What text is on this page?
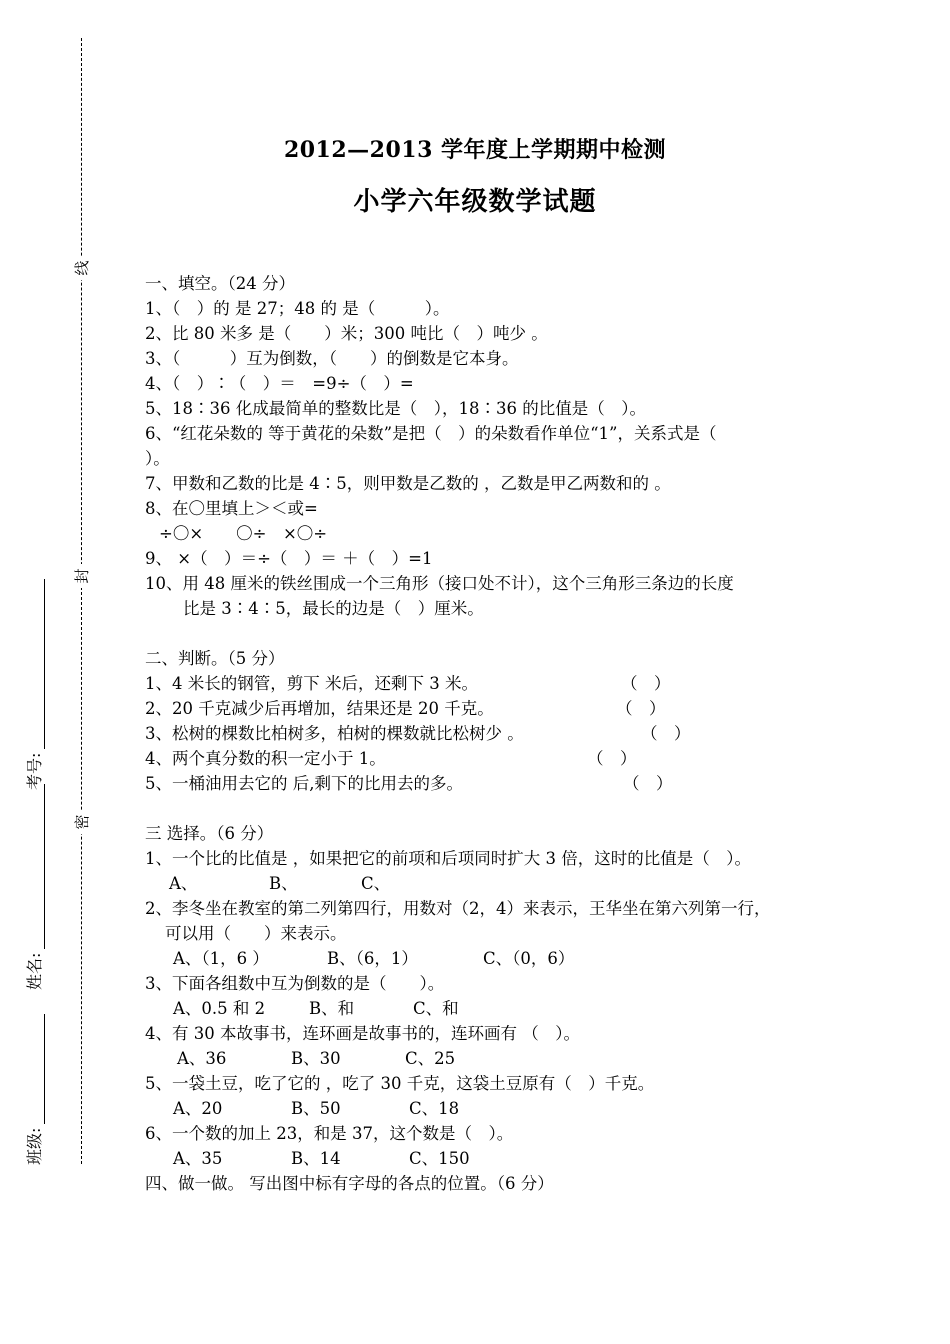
线
封
密
考号:
姓名:
班级:
2012—2013 学年度上学期期中检测
小学六年级数学试题
一、填空。（24 分）
1、（　）的 是 27；48 的 是（　　　）。
2、比 80 米多 是（　　）米；300 吨比（　）吨少 。
3、（　　　）互为倒数，（　　）的倒数是它本身。
4、（　）∶（　）＝　=9÷（　）=
5、18∶36 化成最简单的整数比是（　），18∶36 的比值是（　）。
6、“红花朵数的 等于黄花的朵数”是把（　）的朵数看作单位“1”，关系式是（
）。
7、甲数和乙数的比是 4∶5，则甲数是乙数的 ，乙数是甲乙两数和的 。
8、在〇里填上＞＜或=
÷〇×　　〇÷　×〇÷
9、 ×（　）＝÷（　）＝ ＋（　）=1
10、用 48 厘米的铁丝围成一个三角形（接口处不计），这个三角形三条边的长度
比是 3∶4∶5，最长的边是（　）厘米。
二、判断。（5 分）
1、4 米长的钢管，剪下 米后，还剩下 3 米。	（　）
2、20 千克减少后再增加，结果还是 20 千克。	（　）
3、松树的棵数比柏树多，柏树的棵数就比松树少 。	（　）
4、两个真分数的积一定小于 1。	（　）
5、一桶油用去它的 后,剩下的比用去的多。	（　）
三 选择。（6 分）
1、一个比的比值是 ，如果把它的前项和后项同时扩大 3 倍，这时的比值是（　）。
A、	B、	C、
2、李冬坐在教室的第二列第四行，用数对（2，4）来表示，王华坐在第六列第一行，
可以用（　　）来表示。
A、（1，6 ）	B、（6，1）	C、（0，6）
3、下面各组数中互为倒数的是（　　）。
A、0.5 和 2	B、和	C、和
4、有 30 本故事书，连环画是故事书的，连环画有 （　）。
A、36	B、30	C、25
5、一袋土豆，吃了它的 ，吃了 30 千克，这袋土豆原有（　）千克。
A、20	B、50	C、18
6、一个数的加上 23，和是 37，这个数是（　）。
A、35	B、14	C、150
四、做一做。 写出图中标有字母的各点的位置。（6 分）
